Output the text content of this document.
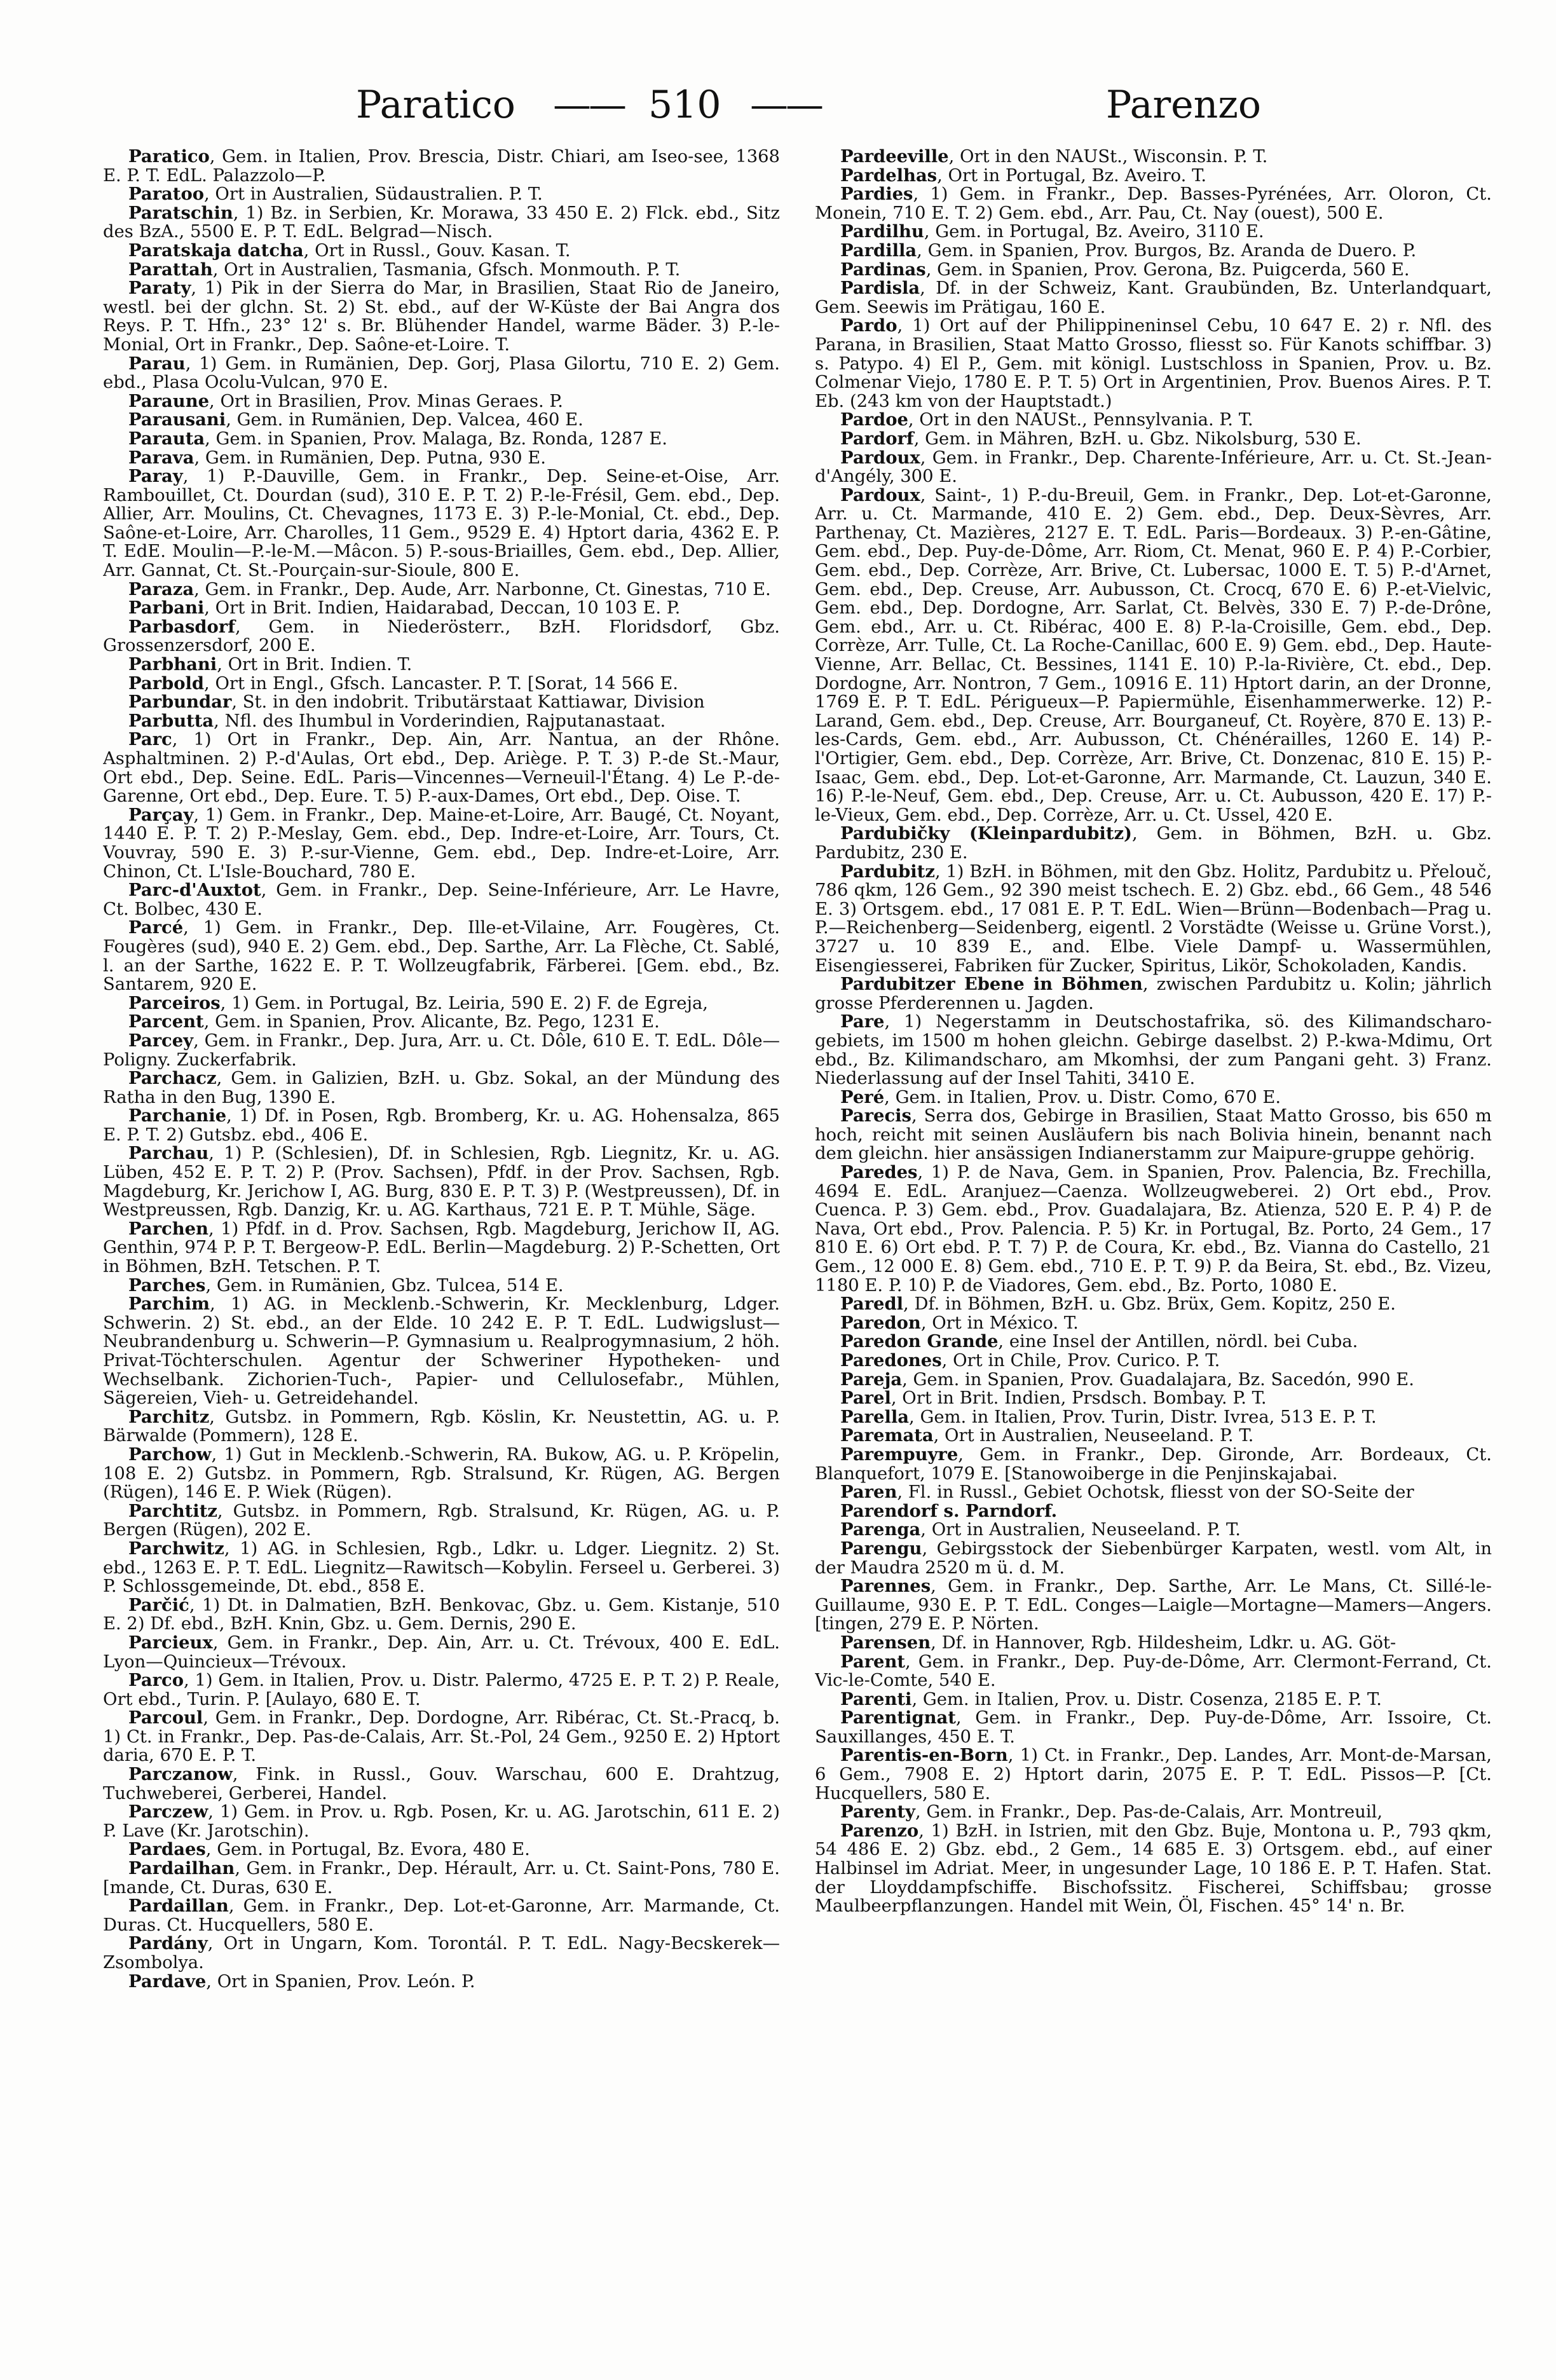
Paratico —— 510 ——	Parenzo

Paratico, Gem. in Italien, Prov. Brescia, Distr. Chiari, am Iseo-see, 1368 E. P. T. EdL. Palazzolo—P.

Paratoo, Ort in Australien, Südaustralien. P. T.

Paratschin, 1) Bz. in Serbien, Kr. Morawa, 33 450 E. 2) Flck. ebd., Sitz des BzA., 5500 E. P. T. EdL. Belgrad—Nisch.

Paratskaja datcha, Ort in Russl., Gouv. Kasan. T.

Parattah, Ort in Australien, Tasmania, Gfsch. Monmouth. P. T.

Paraty, 1) Pik in der Sierra do Mar, in Brasilien, Staat Rio de Janeiro, westl. bei der glchn. St. 2) St. ebd., auf der W-Küste der Bai Angra dos Reys. P. T. Hfn., 23° 12' s. Br. Blühender Handel, warme Bäder. 3) P.-le-Monial, Ort in Frankr., Dep. Saône-et-Loire. T.

Parau, 1) Gem. in Rumänien, Dep. Gorj, Plasa Gilortu, 710 E. 2) Gem. ebd., Plasa Ocolu-Vulcan, 970 E.

Paraune, Ort in Brasilien, Prov. Minas Geraes. P.

Parausani, Gem. in Rumänien, Dep. Valcea, 460 E.

Parauta, Gem. in Spanien, Prov. Malaga, Bz. Ronda, 1287 E.

Parava, Gem. in Rumänien, Dep. Putna, 930 E.

Paray, 1) P.-Dauville, Gem. in Frankr., Dep. Seine-et-Oise, Arr. Rambouillet, Ct. Dourdan (sud), 310 E. P. T. 2) P.-le-Frésil, Gem. ebd., Dep. Allier, Arr. Moulins, Ct. Chevagnes, 1173 E. 3) P.-le-Monial, Ct. ebd., Dep. Saône-et-Loire, Arr. Charolles, 11 Gem., 9529 E. 4) Hptort daria, 4362 E. P. T. EdE. Moulin—P.-le-M.—Mâcon. 5) P.-sous-Briailles, Gem. ebd., Dep. Allier, Arr. Gannat, Ct. St.-Pourçain-sur-Sioule, 800 E.

Paraza, Gem. in Frankr., Dep. Aude, Arr. Narbonne, Ct. Ginestas, 710 E.

Parbani, Ort in Brit. Indien, Haidarabad, Deccan, 10 103 E. P.

Parbasdorf, Gem. in Niederösterr., BzH. Floridsdorf, Gbz. Grossenzersdorf, 200 E.

Parbhani, Ort in Brit. Indien. T.

Parbold, Ort in Engl., Gfsch. Lancaster. P. T. [Sorat, 14 566 E.

Parbundar, St. in den indobrit. Tributärstaat Kattiawar, Division

Parbutta, Nfl. des Ihumbul in Vorderindien, Rajputanastaat.

Parc, 1) Ort in Frankr., Dep. Ain, Arr. Nantua, an der Rhône. Asphaltminen. 2) P.-d'Aulas, Ort ebd., Dep. Ariège. P. T. 3) P.-de St.-Maur, Ort ebd., Dep. Seine. EdL. Paris—Vincennes—Verneuil-l'Étang. 4) Le P.-de-Garenne, Ort ebd., Dep. Eure. T. 5) P.-aux-Dames, Ort ebd., Dep. Oise. T.

Parçay, 1) Gem. in Frankr., Dep. Maine-et-Loire, Arr. Baugé, Ct. Noyant, 1440 E. P. T. 2) P.-Meslay, Gem. ebd., Dep. Indre-et-Loire, Arr. Tours, Ct. Vouvray, 590 E. 3) P.-sur-Vienne, Gem. ebd., Dep. Indre-et-Loire, Arr. Chinon, Ct. L'Isle-Bouchard, 780 E.

Parc-d'Auxtot, Gem. in Frankr., Dep. Seine-Inférieure, Arr. Le Havre, Ct. Bolbec, 430 E.

Parcé, 1) Gem. in Frankr., Dep. Ille-et-Vilaine, Arr. Fougères, Ct. Fougères (sud), 940 E. 2) Gem. ebd., Dep. Sarthe, Arr. La Flèche, Ct. Sablé, l. an der Sarthe, 1622 E. P. T. Wollzeugfabrik, Färberei. [Gem. ebd., Bz. Santarem, 920 E.

Parceiros, 1) Gem. in Portugal, Bz. Leiria, 590 E. 2) F. de Egreja,

Parcent, Gem. in Spanien, Prov. Alicante, Bz. Pego, 1231 E.

Parcey, Gem. in Frankr., Dep. Jura, Arr. u. Ct. Dôle, 610 E. T. EdL. Dôle—Poligny. Zuckerfabrik.

Parchacz, Gem. in Galizien, BzH. u. Gbz. Sokal, an der Mündung des Ratha in den Bug, 1390 E.

Parchanie, 1) Df. in Posen, Rgb. Bromberg, Kr. u. AG. Hohensalza, 865 E. P. T. 2) Gutsbz. ebd., 406 E.

Parchau, 1) P. (Schlesien), Df. in Schlesien, Rgb. Liegnitz, Kr. u. AG. Lüben, 452 E. P. T. 2) P. (Prov. Sachsen), Pfdf. in der Prov. Sachsen, Rgb. Magdeburg, Kr. Jerichow I, AG. Burg, 830 E. P. T. 3) P. (Westpreussen), Df. in Westpreussen, Rgb. Danzig, Kr. u. AG. Karthaus, 721 E. P. T. Mühle, Säge.

Parchen, 1) Pfdf. in d. Prov. Sachsen, Rgb. Magdeburg, Jerichow II, AG. Genthin, 974 P. P. T. Bergeow-P. EdL. Berlin—Magdeburg. 2) P.-Schetten, Ort in Böhmen, BzH. Tetschen. P. T.

Parches, Gem. in Rumänien, Gbz. Tulcea, 514 E.

Parchim, 1) AG. in Mecklenb.-Schwerin, Kr. Mecklenburg, Ldger. Schwerin. 2) St. ebd., an der Elde. 10 242 E. P. T. EdL. Ludwigslust—Neubrandenburg u. Schwerin—P. Gymnasium u. Realprogymnasium, 2 höh. Privat-Töchterschulen. Agentur der Schweriner Hypotheken- und Wechselbank. Zichorien-Tuch-, Papier- und Cellulosefabr., Mühlen, Sägereien, Vieh- u. Getreidehandel.

Parchitz, Gutsbz. in Pommern, Rgb. Köslin, Kr. Neustettin, AG. u. P. Bärwalde (Pommern), 128 E.

Parchow, 1) Gut in Mecklenb.-Schwerin, RA. Bukow, AG. u. P. Kröpelin, 108 E. 2) Gutsbz. in Pommern, Rgb. Stralsund, Kr. Rügen, AG. Bergen (Rügen), 146 E. P. Wiek (Rügen).

Parchtitz, Gutsbz. in Pommern, Rgb. Stralsund, Kr. Rügen, AG. u. P. Bergen (Rügen), 202 E.

Parchwitz, 1) AG. in Schlesien, Rgb., Ldkr. u. Ldger. Liegnitz. 2) St. ebd., 1263 E. P. T. EdL. Liegnitz—Rawitsch—Kobylin. Ferseel u. Gerberei. 3) P. Schlossgemeinde, Dt. ebd., 858 E.

Parčić, 1) Dt. in Dalmatien, BzH. Benkovac, Gbz. u. Gem. Kistanje, 510 E. 2) Df. ebd., BzH. Knin, Gbz. u. Gem. Dernis, 290 E.

Parcieux, Gem. in Frankr., Dep. Ain, Arr. u. Ct. Trévoux, 400 E. EdL. Lyon—Quincieux—Trévoux.

Parco, 1) Gem. in Italien, Prov. u. Distr. Palermo, 4725 E. P. T. 2) P. Reale, Ort ebd., Turin. P. [Aulayo, 680 E. T.

Parcoul, Gem. in Frankr., Dep. Dordogne, Arr. Ribérac, Ct. St.-Pracq, b. 1) Ct. in Frankr., Dep. Pas-de-Calais, Arr. St.-Pol, 24 Gem., 9250 E. 2) Hptort daria, 670 E. P. T.

Parczanow, Fink. in Russl., Gouv. Warschau, 600 E. Drahtzug, Tuchweberei, Gerberei, Handel.

Parczew, 1) Gem. in Prov. u. Rgb. Posen, Kr. u. AG. Jarotschin, 611 E. 2) P. Lave (Kr. Jarotschin).

Pardaes, Gem. in Portugal, Bz. Evora, 480 E.

Pardailhan, Gem. in Frankr., Dep. Hérault, Arr. u. Ct. Saint-Pons, 780 E. [mande, Ct. Duras, 630 E.

Pardaillan, Gem. in Frankr., Dep. Lot-et-Garonne, Arr. Marmande, Ct. Duras. Ct. Hucquellers, 580 E.

Pardány, Ort in Ungarn, Kom. Torontál. P. T. EdL. Nagy-Becskerek—Zsombolya.

Pardave, Ort in Spanien, Prov. León. P.

Pardeeville, Ort in den NAUSt., Wisconsin. P. T.

Pardelhas, Ort in Portugal, Bz. Aveiro. T.

Pardies, 1) Gem. in Frankr., Dep. Basses-Pyrénées, Arr. Oloron, Ct. Monein, 710 E. T. 2) Gem. ebd., Arr. Pau, Ct. Nay (ouest), 500 E.

Pardilhu, Gem. in Portugal, Bz. Aveiro, 3110 E.

Pardilla, Gem. in Spanien, Prov. Burgos, Bz. Aranda de Duero. P.

Pardinas, Gem. in Spanien, Prov. Gerona, Bz. Puigcerda, 560 E.

Pardisla, Df. in der Schweiz, Kant. Graubünden, Bz. Unterlandquart, Gem. Seewis im Prätigau, 160 E.

Pardo, 1) Ort auf der Philippineninsel Cebu, 10 647 E. 2) r. Nfl. des Parana, in Brasilien, Staat Matto Grosso, fliesst so. Für Kanots schiffbar. 3) s. Patypo. 4) El P., Gem. mit königl. Lustschloss in Spanien, Prov. u. Bz. Colmenar Viejo, 1780 E. P. T. 5) Ort in Argentinien, Prov. Buenos Aires. P. T. Eb. (243 km von der Hauptstadt.)

Pardoe, Ort in den NAUSt., Pennsylvania. P. T.

Pardorf, Gem. in Mähren, BzH. u. Gbz. Nikolsburg, 530 E.

Pardoux, Gem. in Frankr., Dep. Charente-Inférieure, Arr. u. Ct. St.-Jean-d'Angély, 300 E.

Pardoux, Saint-, 1) P.-du-Breuil, Gem. in Frankr., Dep. Lot-et-Garonne, Arr. u. Ct. Marmande, 410 E. 2) Gem. ebd., Dep. Deux-Sèvres, Arr. Parthenay, Ct. Mazières, 2127 E. T. EdL. Paris—Bordeaux. 3) P.-en-Gâtine, Gem. ebd., Dep. Puy-de-Dôme, Arr. Riom, Ct. Menat, 960 E. P. 4) P.-Corbier, Gem. ebd., Dep. Corrèze, Arr. Brive, Ct. Lubersac, 1000 E. T. 5) P.-d'Arnet, Gem. ebd., Dep. Creuse, Arr. Aubusson, Ct. Crocq, 670 E. 6) P.-et-Vielvic, Gem. ebd., Dep. Dordogne, Arr. Sarlat, Ct. Belvès, 330 E. 7) P.-de-Drône, Gem. ebd., Arr. u. Ct. Ribérac, 400 E. 8) P.-la-Croisille, Gem. ebd., Dep. Corrèze, Arr. Tulle, Ct. La Roche-Canillac, 600 E. 9) Gem. ebd., Dep. Haute-Vienne, Arr. Bellac, Ct. Bessines, 1141 E. 10) P.-la-Rivière, Ct. ebd., Dep. Dordogne, Arr. Nontron, 7 Gem., 10916 E. 11) Hptort darin, an der Dronne, 1769 E. P. T. EdL. Périgueux—P. Papiermühle, Eisenhammerwerke. 12) P.-Larand, Gem. ebd., Dep. Creuse, Arr. Bourganeuf, Ct. Royère, 870 E. 13) P.-les-Cards, Gem. ebd., Arr. Aubusson, Ct. Chénérailles, 1260 E. 14) P.-l'Ortigier, Gem. ebd., Dep. Corrèze, Arr. Brive, Ct. Donzenac, 810 E. 15) P.-Isaac, Gem. ebd., Dep. Lot-et-Garonne, Arr. Marmande, Ct. Lauzun, 340 E. 16) P.-le-Neuf, Gem. ebd., Dep. Creuse, Arr. u. Ct. Aubusson, 420 E. 17) P.-le-Vieux, Gem. ebd., Dep. Corrèze, Arr. u. Ct. Ussel, 420 E.

Pardubičky (Kleinpardubitz), Gem. in Böhmen, BzH. u. Gbz. Pardubitz, 230 E.

Pardubitz, 1) BzH. in Böhmen, mit den Gbz. Holitz, Pardubitz u. Přelouč, 786 qkm, 126 Gem., 92 390 meist tschech. E. 2) Gbz. ebd., 66 Gem., 48 546 E. 3) Ortsgem. ebd., 17 081 E. P. T. EdL. Wien—Brünn—Bodenbach—Prag u. P.—Reichenberg—Seidenberg, eigentl. 2 Vorstädte (Weisse u. Grüne Vorst.), 3727 u. 10 839 E., and. Elbe. Viele Dampf- u. Wassermühlen, Eisengiesserei, Fabriken für Zucker, Spiritus, Likör, Schokoladen, Kandis.

Pardubitzer Ebene in Böhmen, zwischen Pardubitz u. Kolin; jährlich grosse Pferderennen u. Jagden.

Pare, 1) Negerstamm in Deutschostafrika, sö. des Kilimandscharo-gebiets, im 1500 m hohen gleichn. Gebirge daselbst. 2) P.-kwa-Mdimu, Ort ebd., Bz. Kilimandscharo, am Mkomhsi, der zum Pangani geht. 3) Franz. Niederlassung auf der Insel Tahiti, 3410 E.

Peré, Gem. in Italien, Prov. u. Distr. Como, 670 E.

Parecis, Serra dos, Gebirge in Brasilien, Staat Matto Grosso, bis 650 m hoch, reicht mit seinen Ausläufern bis nach Bolivia hinein, benannt nach dem gleichn. hier ansässigen Indianerstamm zur Maipure-gruppe gehörig.

Paredes, 1) P. de Nava, Gem. in Spanien, Prov. Palencia, Bz. Frechilla, 4694 E. EdL. Aranjuez—Caenza. Wollzeugweberei. 2) Ort ebd., Prov. Cuenca. P. 3) Gem. ebd., Prov. Guadalajara, Bz. Atienza, 520 E. P. 4) P. de Nava, Ort ebd., Prov. Palencia. P. 5) Kr. in Portugal, Bz. Porto, 24 Gem., 17 810 E. 6) Ort ebd. P. T. 7) P. de Coura, Kr. ebd., Bz. Vianna do Castello, 21 Gem., 12 000 E. 8) Gem. ebd., 710 E. P. T. 9) P. da Beira, St. ebd., Bz. Vizeu, 1180 E. P. 10) P. de Viadores, Gem. ebd., Bz. Porto, 1080 E.

Paredl, Df. in Böhmen, BzH. u. Gbz. Brüx, Gem. Kopitz, 250 E.

Paredon, Ort in México. T.

Paredon Grande, eine Insel der Antillen, nördl. bei Cuba.

Paredones, Ort in Chile, Prov. Curico. P. T.

Pareja, Gem. in Spanien, Prov. Guadalajara, Bz. Sacedón, 990 E.

Parel, Ort in Brit. Indien, Prsdsch. Bombay. P. T.

Parella, Gem. in Italien, Prov. Turin, Distr. Ivrea, 513 E. P. T.

Paremata, Ort in Australien, Neuseeland. P. T.

Parempuyre, Gem. in Frankr., Dep. Gironde, Arr. Bordeaux, Ct. Blanquefort, 1079 E. [Stanowoiberge in die Penjinskajabai.

Paren, Fl. in Russl., Gebiet Ochotsk, fliesst von der SO-Seite der

Parendorf s. Parndorf.

Parenga, Ort in Australien, Neuseeland. P. T.

Parengu, Gebirgsstock der Siebenbürger Karpaten, westl. vom Alt, in der Maudra 2520 m ü. d. M.

Parennes, Gem. in Frankr., Dep. Sarthe, Arr. Le Mans, Ct. Sillé-le-Guillaume, 930 E. P. T. EdL. Conges—Laigle—Mortagne—Mamers—Angers. [tingen, 279 E. P. Nörten.

Parensen, Df. in Hannover, Rgb. Hildesheim, Ldkr. u. AG. Göt-

Parent, Gem. in Frankr., Dep. Puy-de-Dôme, Arr. Clermont-Ferrand, Ct. Vic-le-Comte, 540 E.

Parenti, Gem. in Italien, Prov. u. Distr. Cosenza, 2185 E. P. T.

Parentignat, Gem. in Frankr., Dep. Puy-de-Dôme, Arr. Issoire, Ct. Sauxillanges, 450 E. T.

Parentis-en-Born, 1) Ct. in Frankr., Dep. Landes, Arr. Mont-de-Marsan, 6 Gem., 7908 E. 2) Hptort darin, 2075 E. P. T. EdL. Pissos—P. [Ct. Hucquellers, 580 E.

Parenty, Gem. in Frankr., Dep. Pas-de-Calais, Arr. Montreuil,

Parenzo, 1) BzH. in Istrien, mit den Gbz. Buje, Montona u. P., 793 qkm, 54 486 E. 2) Gbz. ebd., 2 Gem., 14 685 E. 3) Ortsgem. ebd., auf einer Halbinsel im Adriat. Meer, in ungesunder Lage, 10 186 E. P. T. Hafen. Stat. der Lloyddampfschiffe. Bischofssitz. Fischerei, Schiffsbau; grosse Maulbeerpflanzungen. Handel mit Wein, Öl, Fischen. 45° 14' n. Br.
